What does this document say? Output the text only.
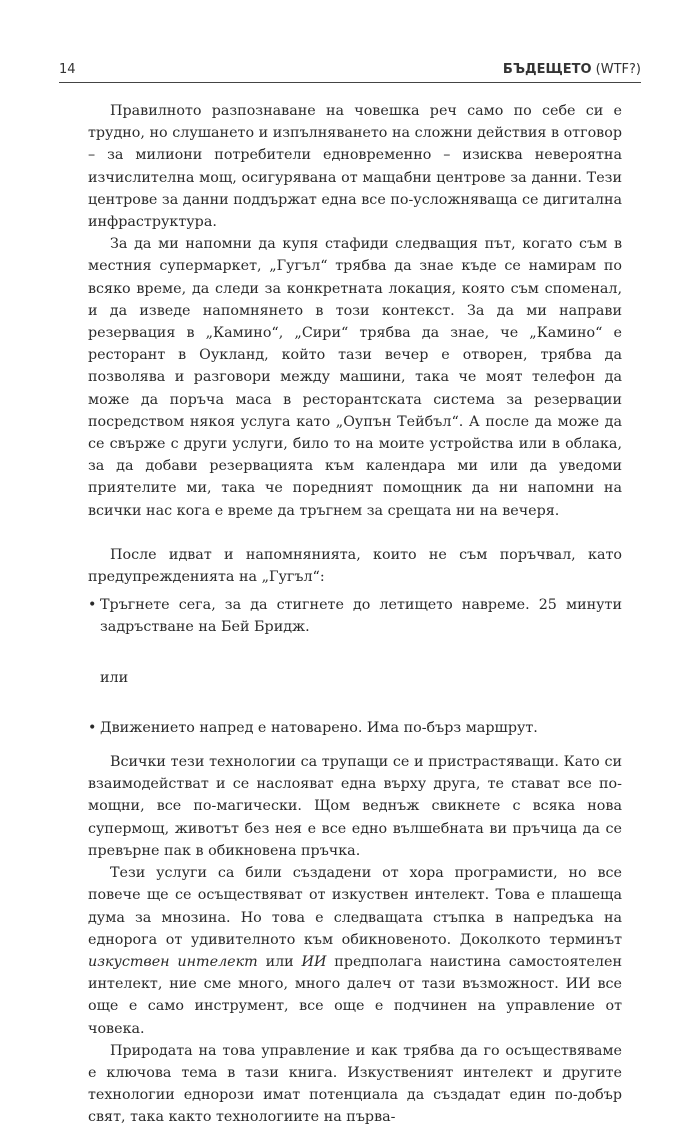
14	БЪДЕЩЕТО (WTF?)

Правилното разпознаване на човешка реч само по себе си е трудно, но слушането и изпълняването на сложни действия в отговор – за милиони потребители едновременно – изисква невероятна изчислителна мощ, осигурявана от мащабни центрове за данни. Тези центрове за данни поддържат една все по-усложняваща се дигитална инфраструктура.

За да ми напомни да купя стафиди следващия път, когато съм в местния супермаркет, „Гугъл“ трябва да знае къде се намирам по всяко време, да следи за конкретната локация, която съм споменал, и да изведе напомнянето в този контекст. За да ми направи резервация в „Камино“, „Сири“ трябва да знае, че „Камино“ е ресторант в Оукланд, който тази вечер е отворен, трябва да позволява и разговори между машини, така че моят телефон да може да поръча маса в ресторантската система за резервации посредством някоя услуга като „Оупън Тейбъл“. А после да може да се свърже с други услуги, било то на моите устройства или в облака, за да добави резервацията към календара ми или да уведоми приятелите ми, така че поредният помощник да ни напомни на всички нас кога е време да тръгнем за срещата ни на вечеря.

После идват и напомнянията, които не съм поръчвал, като предупрежденията на „Гугъл“:

• Тръгнете сега, за да стигнете до летището навреме. 25 минути задръстване на Бей Бридж.

или

• Движението напред е натоварено. Има по-бърз маршрут.

Всички тези технологии са трупащи се и пристрастяващи. Като си взаимодействат и се наслояват една върху друга, те стават все по-мощни, все по-магически. Щом веднъж свикнете с всяка нова супермощ, животът без нея е все едно вълшебната ви пръчица да се превърне пак в обикновена пръчка.

Тези услуги са били създадени от хора програмисти, но все повече ще се осъществяват от изкуствен интелект. Това е плашеща дума за мнозина. Но това е следващата стъпка в напредъка на еднорога от удивителното към обикновеното. Доколкото терминът изкуствен интелект или ИИ предполага наистина самостоятелен интелект, ние сме много, много далеч от тази възможност. ИИ все още е само инструмент, все още е подчинен на управление от човека.

Природата на това управление и как трябва да го осъществяваме е ключова тема в тази книга. Изкуственият интелект и другите технологии еднорози имат потенциала да създадат един по-добър свят, така както технологиите на първа-
